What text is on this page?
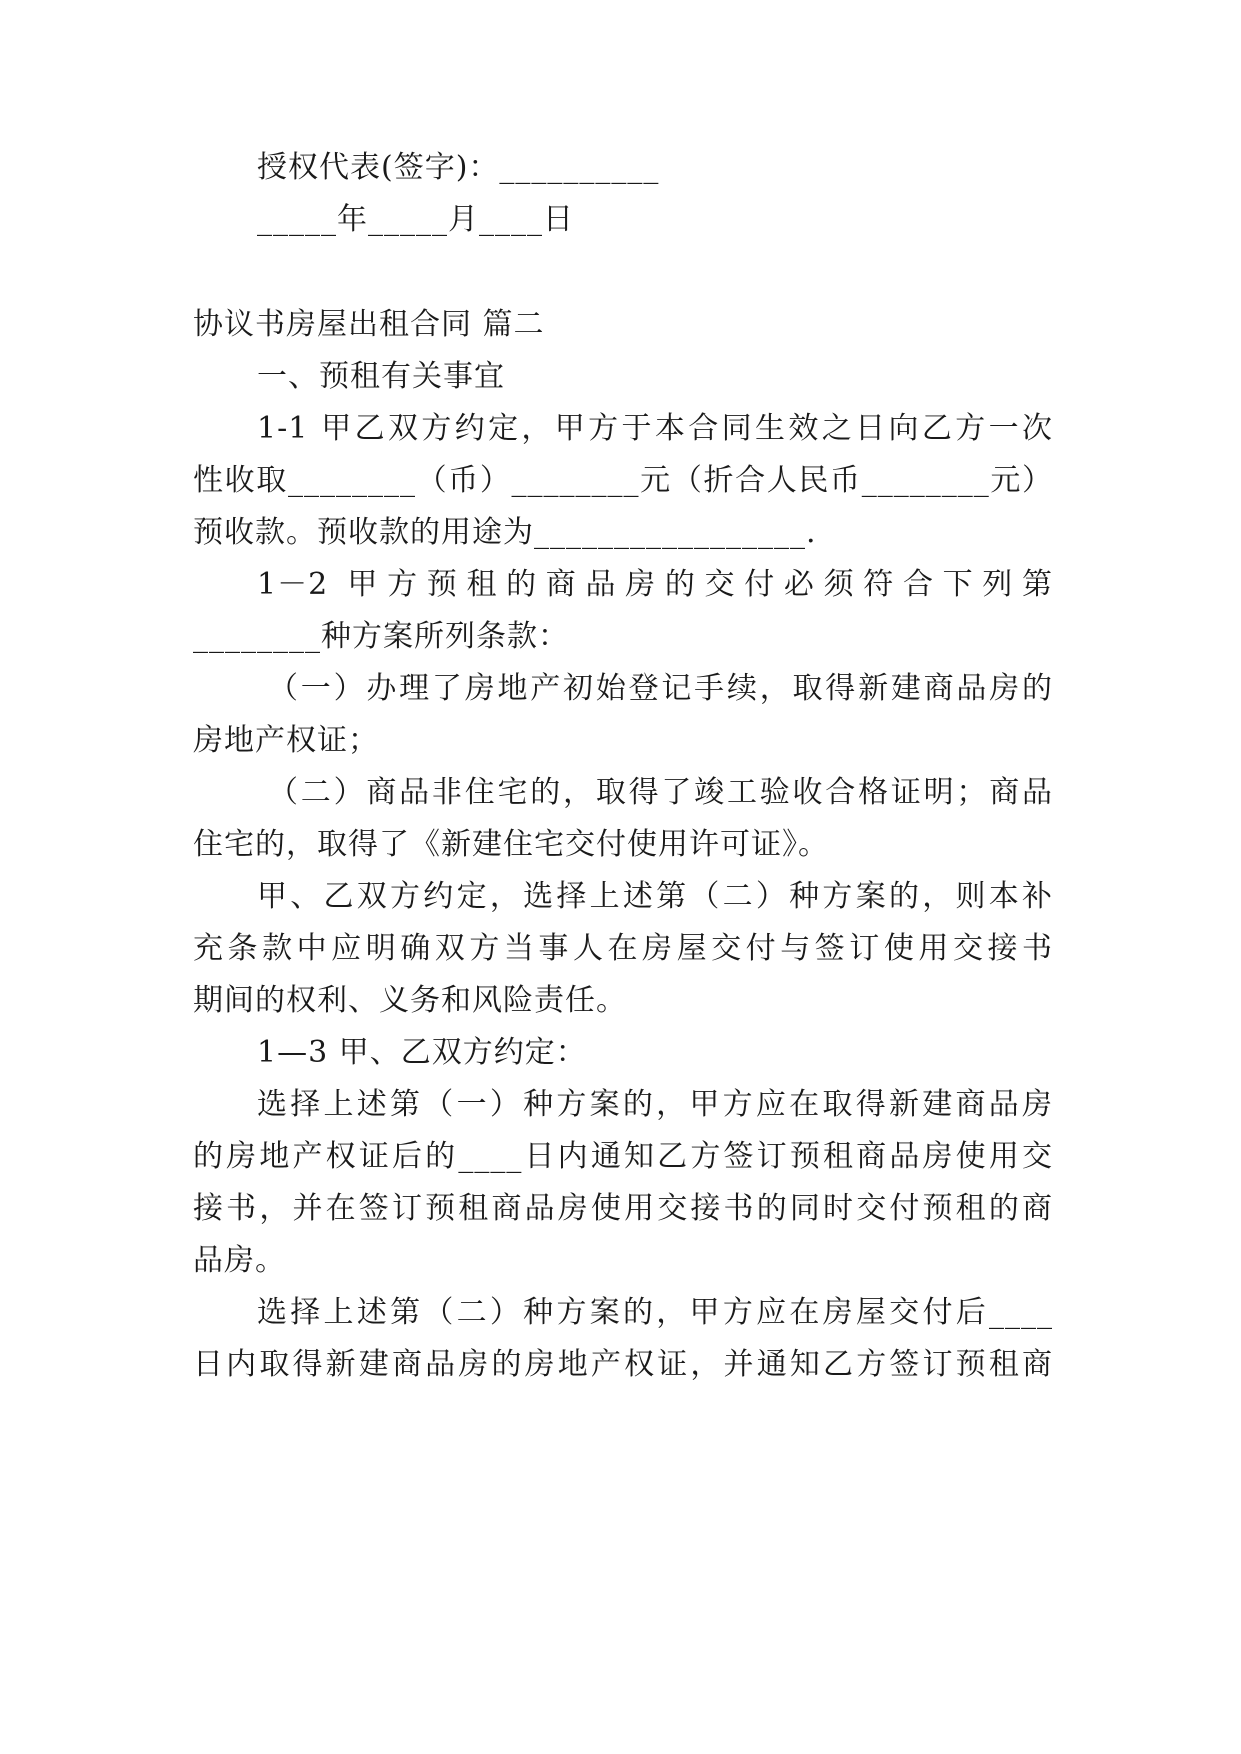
授权代表(签字)：__________
_____年_____月____日
协议书房屋出租合同 篇二
一、预租有关事宜
1-1 甲乙双方约定，甲方于本合同生效之日向乙方一次
性收取________（币）________元（折合人民币________元）
预收款。预收款的用途为_________________.
1－2 甲方预租的商品房的交付必须符合下列第
________种方案所列条款：
（一）办理了房地产初始登记手续，取得新建商品房的
房地产权证；
（二）商品非住宅的，取得了竣工验收合格证明；商品
住宅的，取得了《新建住宅交付使用许可证》。
甲、乙双方约定，选择上述第（二）种方案的，则本补
充条款中应明确双方当事人在房屋交付与签订使用交接书
期间的权利、义务和风险责任。
1—3 甲、乙双方约定：
选择上述第（一）种方案的，甲方应在取得新建商品房
的房地产权证后的____日内通知乙方签订预租商品房使用交
接书，并在签订预租商品房使用交接书的同时交付预租的商
品房。
选择上述第（二）种方案的，甲方应在房屋交付后____
日内取得新建商品房的房地产权证，并通知乙方签订预租商
